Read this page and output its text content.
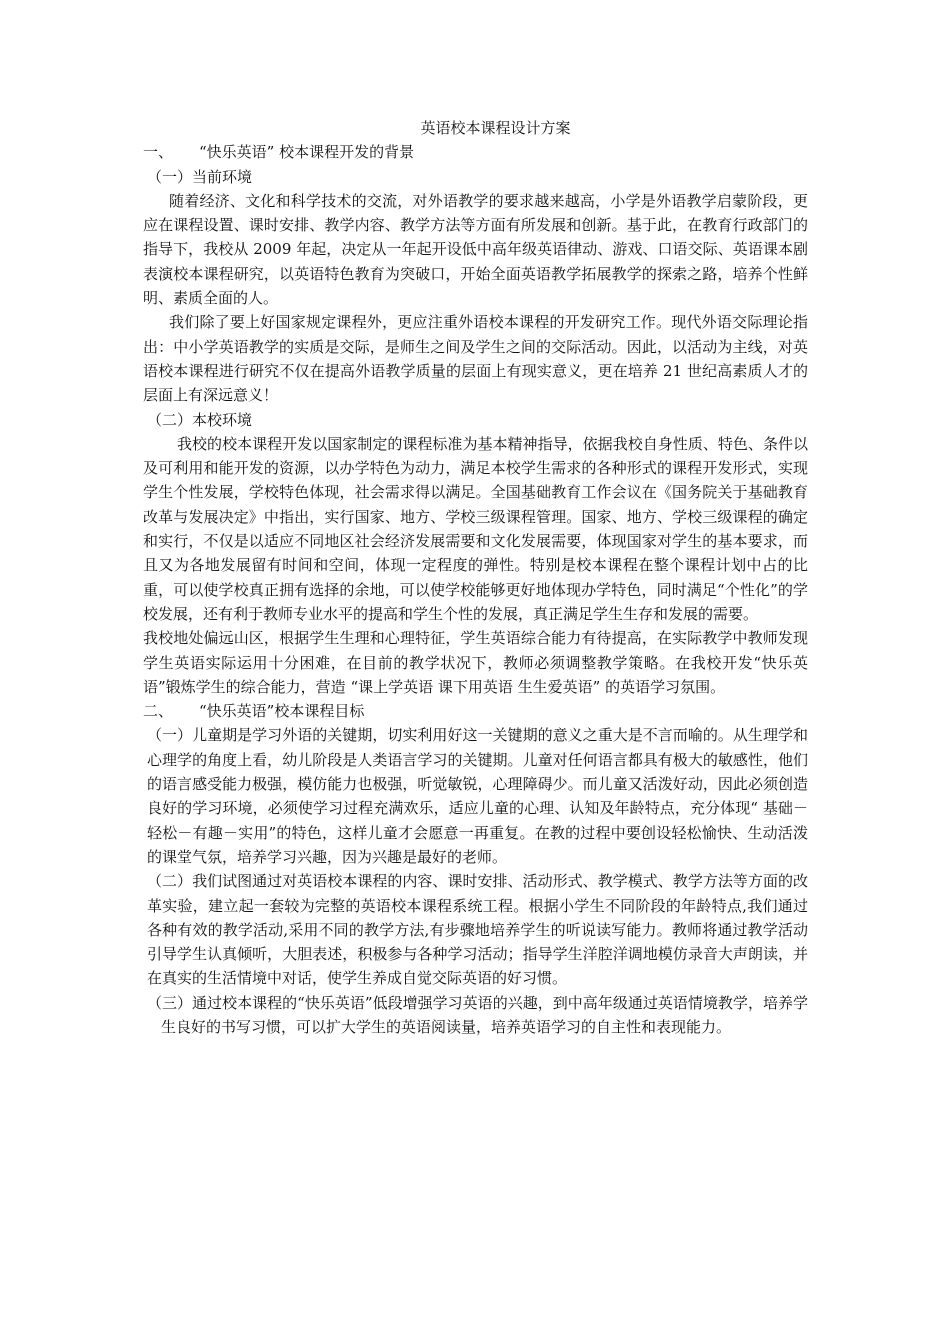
英语校本课程设计方案
一、 “快乐英语” 校本课程开发的背景
（一）当前环境

随着经济、文化和科学技术的交流，对外语教学的要求越来越高，小学是外语教学启蒙阶段，更应在课程设置、课时安排、教学内容、教学方法等方面有所发展和创新。基于此，在教育行政部门的指导下，我校从 2009 年起，决定从一年起开设低中高年级英语律动、游戏、口语交际、英语课本剧表演校本课程研究，以英语特色教育为突破口，开始全面英语教学拓展教学的探索之路，培养个性鲜明、素质全面的人。

我们除了要上好国家规定课程外，更应注重外语校本课程的开发研究工作。现代外语交际理论指出：中小学英语教学的实质是交际，是师生之间及学生之间的交际活动。因此，以活动为主线，对英语校本课程进行研究不仅在提高外语教学质量的层面上有现实意义，更在培养 21 世纪高素质人才的层面上有深远意义！

（二）本校环境

我校的校本课程开发以国家制定的课程标准为基本精神指导，依据我校自身性质、特色、条件以及可利用和能开发的资源，以办学特色为动力，满足本校学生需求的各种形式的课程开发形式，实现学生个性发展，学校特色体现，社会需求得以满足。全国基础教育工作会议在《国务院关于基础教育改革与发展决定》中指出，实行国家、地方、学校三级课程管理。国家、地方、学校三级课程的确定和实行，不仅是以适应不同地区社会经济发展需要和文化发展需要，体现国家对学生的基本要求，而且又为各地发展留有时间和空间，体现一定程度的弹性。特别是校本课程在整个课程计划中占的比重，可以使学校真正拥有选择的余地，可以使学校能够更好地体现办学特色，同时满足“个性化”的学校发展，还有利于教师专业水平的提高和学生个性的发展，真正满足学生生存和发展的需要。

我校地处偏远山区，根据学生生理和心理特征，学生英语综合能力有待提高，在实际教学中教师发现学生英语实际运用十分困难，在目前的教学状况下，教师必须调整教学策略。在我校开发“快乐英语”锻炼学生的综合能力，营造 “课上学英语 课下用英语 生生爱英语” 的英语学习氛围。

二、 “快乐英语”校本课程目标

（一）儿童期是学习外语的关键期，切实利用好这一关键期的意义之重大是不言而喻的。从生理学和心理学的角度上看，幼儿阶段是人类语言学习的关键期。儿童对任何语言都具有极大的敏感性，他们的语言感受能力极强，模仿能力也极强，听觉敏锐，心理障碍少。而儿童又活泼好动，因此必须创造良好的学习环境，必须使学习过程充满欢乐，适应儿童的心理、认知及年龄特点，充分体现“ 基础－轻松－有趣－实用”的特色，这样儿童才会愿意一再重复。在教的过程中要创设轻松愉快、生动活泼的课堂气氛，培养学习兴趣，因为兴趣是最好的老师。

（二）我们试图通过对英语校本课程的内容、课时安排、活动形式、教学模式、教学方法等方面的改革实验，建立起一套较为完整的英语校本课程系统工程。根据小学生不同阶段的年龄特点,我们通过各种有效的教学活动,采用不同的教学方法,有步骤地培养学生的听说读写能力。教师将通过教学活动引导学生认真倾听，大胆表述，积极参与各种学习活动；指导学生洋腔洋调地模仿录音大声朗读，并在真实的生活情境中对话，使学生养成自觉交际英语的好习惯。

（三）通过校本课程的“快乐英语”低段增强学习英语的兴趣，到中高年级通过英语情境教学，培养学生良好的书写习惯，可以扩大学生的英语阅读量，培养英语学习的自主性和表现能力。
